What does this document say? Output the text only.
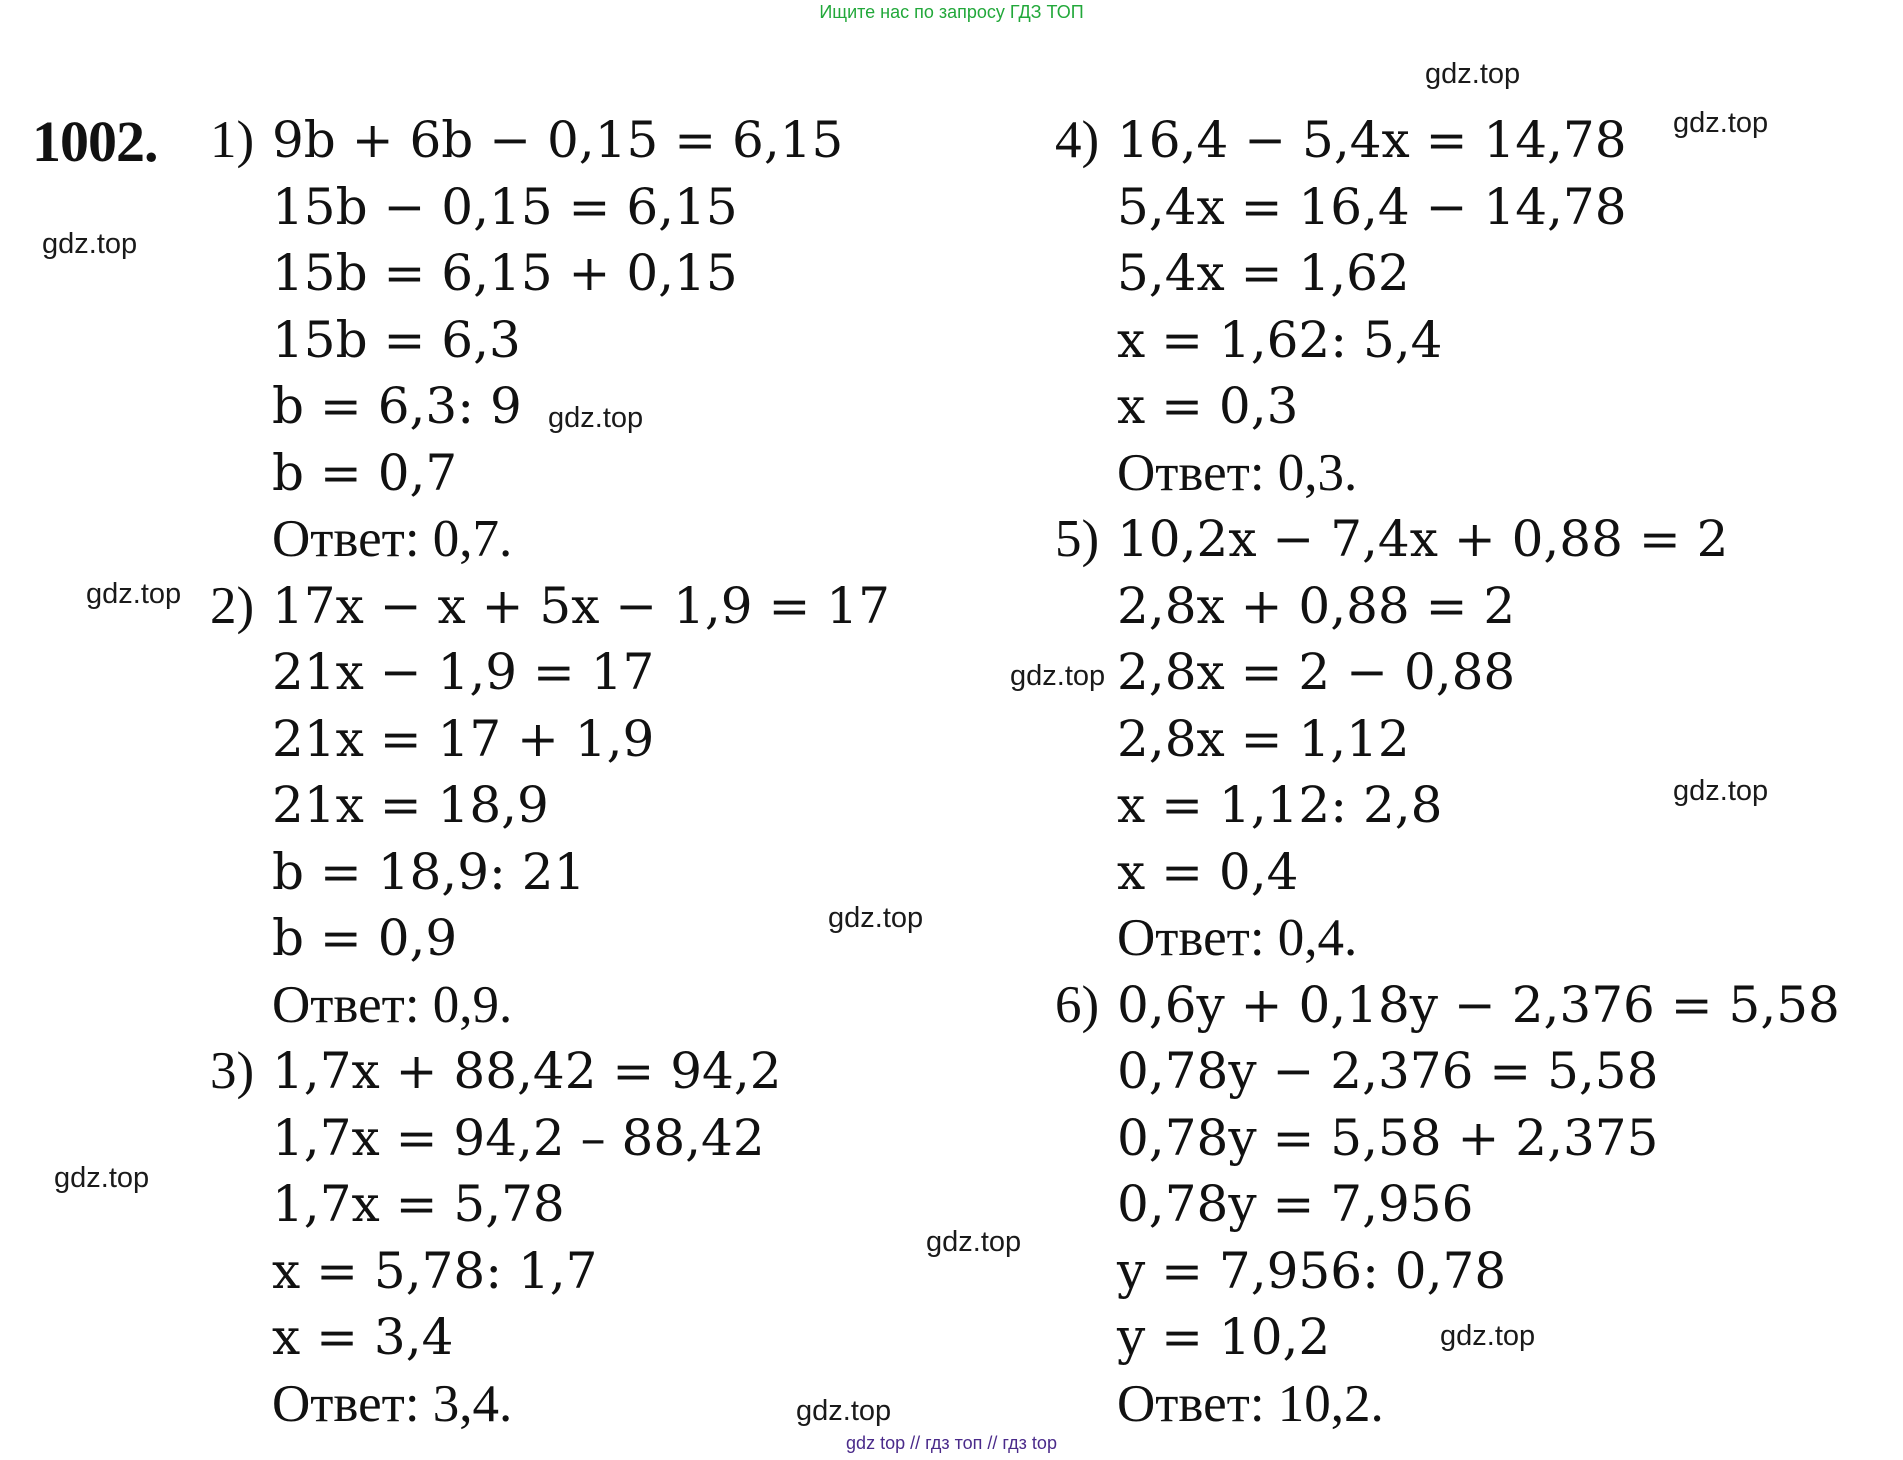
Ищите нас по запросу ГДЗ ТОП
1002. 1) 9b + 6b − 0,15 = 6,15
15b − 0,15 = 6,15
15b = 6,15 + 0,15
15b = 6,3
b = 6,3: 9
b = 0,7
Ответ: 0,7.
2) 17x − x + 5x − 1,9 = 17
21x − 1,9 = 17
21x = 17 + 1,9
21x = 18,9
b = 18,9: 21
b = 0,9
Ответ: 0,9.
3) 1,7x + 88,42 = 94,2
1,7x = 94,2 – 88,42
1,7x = 5,78
x = 5,78: 1,7
x = 3,4
Ответ: 3,4.
4) 16,4 − 5,4x = 14,78
5,4x = 16,4 − 14,78
5,4x = 1,62
x = 1,62: 5,4
x = 0,3
Ответ: 0,3.
5) 10,2x − 7,4x + 0,88 = 2
2,8x + 0,88 = 2
2,8x = 2 − 0,88
2,8x = 1,12
x = 1,12: 2,8
x = 0,4
Ответ: 0,4.
6) 0,6y + 0,18y − 2,376 = 5,58
0,78y − 2,376 = 5,58
0,78y = 5,58 + 2,375
0,78y = 7,956
y = 7,956: 0,78
y = 10,2
Ответ: 10,2.
gdz.top
gdz.top
gdz.top
gdz.top
gdz.top
gdz.top
gdz.top
gdz.top
gdz.top
gdz.top
gdz.top
gdz.top
gdz top // гдз топ // гдз top
